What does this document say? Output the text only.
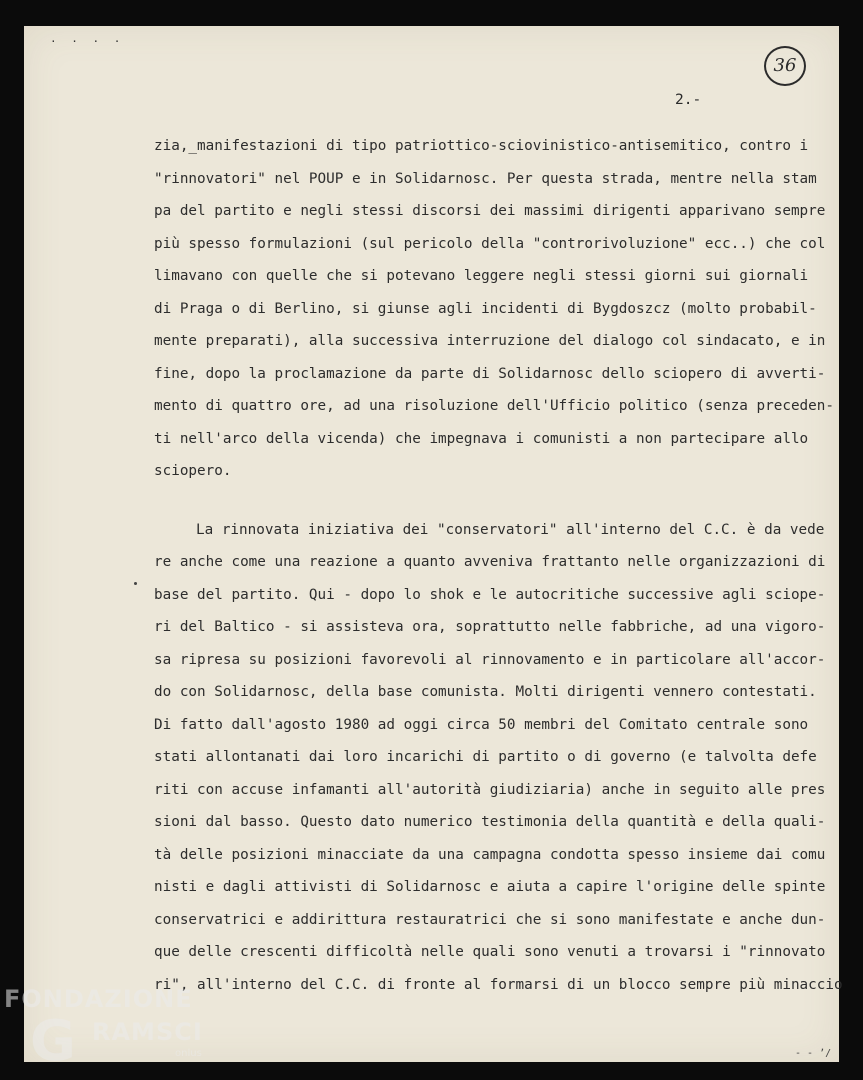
. . . .
36
2.-
zia,_manifestazioni di tipo patriottico-sciovinistico-antisemitico, contro i
"rinnovatori" nel POUP e in Solidarnosc. Per questa strada, mentre nella stam
pa del partito e negli stessi discorsi dei massimi dirigenti apparivano sempre
più spesso formulazioni (sul pericolo della "controrivoluzione" ecc..) che col
limavano con quelle che si potevano leggere negli stessi giorni sui giornali
di Praga o di Berlino, si giunse agli incidenti di Bygdoszcz (molto probabil-
mente preparati), alla successiva interruzione del dialogo col sindacato, e in
fine, dopo la proclamazione da parte di Solidarnosc dello sciopero di avverti-
mento di quattro ore, ad una risoluzione dell'Ufficio politico (senza preceden-
ti nell'arco della vicenda) che impegnava i comunisti a non partecipare allo
sciopero.
La rinnovata iniziativa dei "conservatori" all'interno del C.C. è da vede
re anche come una reazione a quanto avveniva frattanto nelle organizzazioni di
base del partito. Qui - dopo lo shok e le autocritiche successive agli sciope-
ri del Baltico - si assisteva ora, soprattutto nelle fabbriche, ad una vigoro-
sa ripresa su posizioni favorevoli al rinnovamento e in particolare all'accor-
do con Solidarnosc, della base comunista. Molti dirigenti vennero contestati.
Di fatto dall'agosto 1980 ad oggi circa 50 membri del Comitato centrale sono
stati allontanati dai loro incarichi di partito o di governo (e talvolta defe
riti con accuse infamanti all'autorità giudiziaria) anche in seguito alle pres
sioni dal basso. Questo dato numerico testimonia della quantità e della quali-
tà delle posizioni minacciate da una campagna condotta spesso insieme dai comu
nisti e dagli attivisti di Solidarnosc e aiuta a capire l'origine delle spinte
conservatrici e addirittura restauratrici che si sono manifestate e anche dun-
que delle crescenti difficoltà nelle quali sono venuti a trovarsi i "rinnovato
ri", all'interno del C.C. di fronte al formarsi di un blocco sempre più minaccio
FONDAZIONE
G RAMSCI
onlus	- - ʼ/
